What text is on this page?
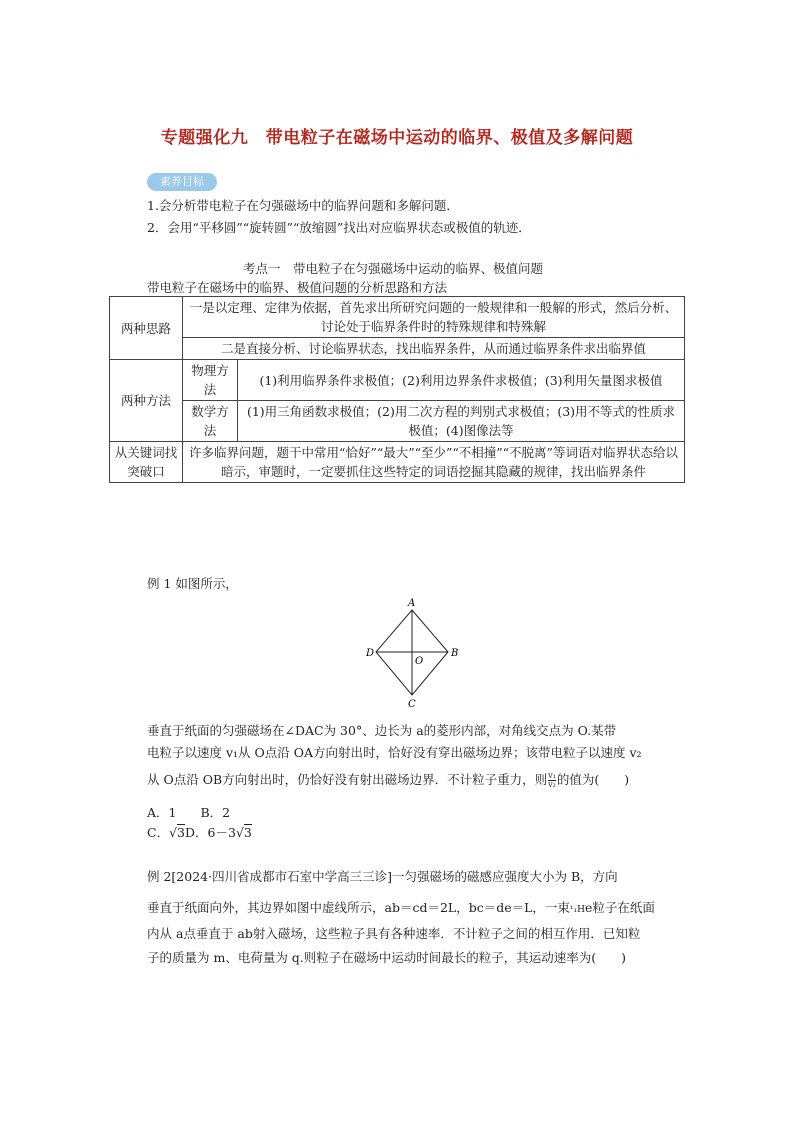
专题强化九　带电粒子在磁场中运动的临界、极值及多解问题
素养目标
1.会分析带电粒子在匀强磁场中的临界问题和多解问题．
2．会用“平移圆”“旋转圆”“放缩圆”找出对应临界状态或极值的轨迹．
考点一　带电粒子在匀强磁场中运动的临界、极值问题
带电粒子在磁场中的临界、极值问题的分析思路和方法
两种思路	一是以定理、定律为依据，首先求出所研究问题的一般规律和一般解的形式，然后分析、讨论处于临界条件时的特殊规律和特殊解	
	二是直接分析、讨论临界状态，找出临界条件，从而通过临界条件求出临界值	
两种方法	物理方法	(1)利用临界条件求极值；(2)利用边界条件求极值；(3)利用矢量图求极值
	数学方法	(1)用三角函数求极值；(2)用二次方程的判别式求极值；(3)用不等式的性质求极值；(4)图像法等
从关键词找突破口	许多临界问题，题干中常用“恰好”“最大”“至少”“不相撞”“不脱离”等词语对临界状态给以暗示，审题时，一定要抓住这些特定的词语挖掘其隐藏的规律，找出临界条件	
例 1 如图所示，
A
B
C
D
O
垂直于纸面的匀强磁场在∠DAC为 30°、边长为 a的菱形内部，对角线交点为 O.某带
电粒子以速度 v₁从 O点沿 OA方向射出时，恰好没有穿出磁场边界；该带电粒子以速度 v₂
从 O点沿 OB方向射出时，仍恰好没有射出磁场边界．不计粒子重力，则 $\frac{\text{v₁}}{\text{v₂}}$ 的值为(　　)
A．1 B．2
C．√3D．6－3√3
例 2[2024·四川省成都市石室中学高三三诊]一匀强磁场的磁感应强度大小为 B，方向
垂直于纸面向外，其边界如图中虚线所示，ab＝cd＝2L，bc＝de＝L，一束¹₁He粒子在纸面
内从 a点垂直于 ab射入磁场，这些粒子具有各种速率．不计粒子之间的相互作用．已知粒
子的质量为 m、电荷量为 q.则粒子在磁场中运动时间最长的粒子，其运动速率为(　　)
